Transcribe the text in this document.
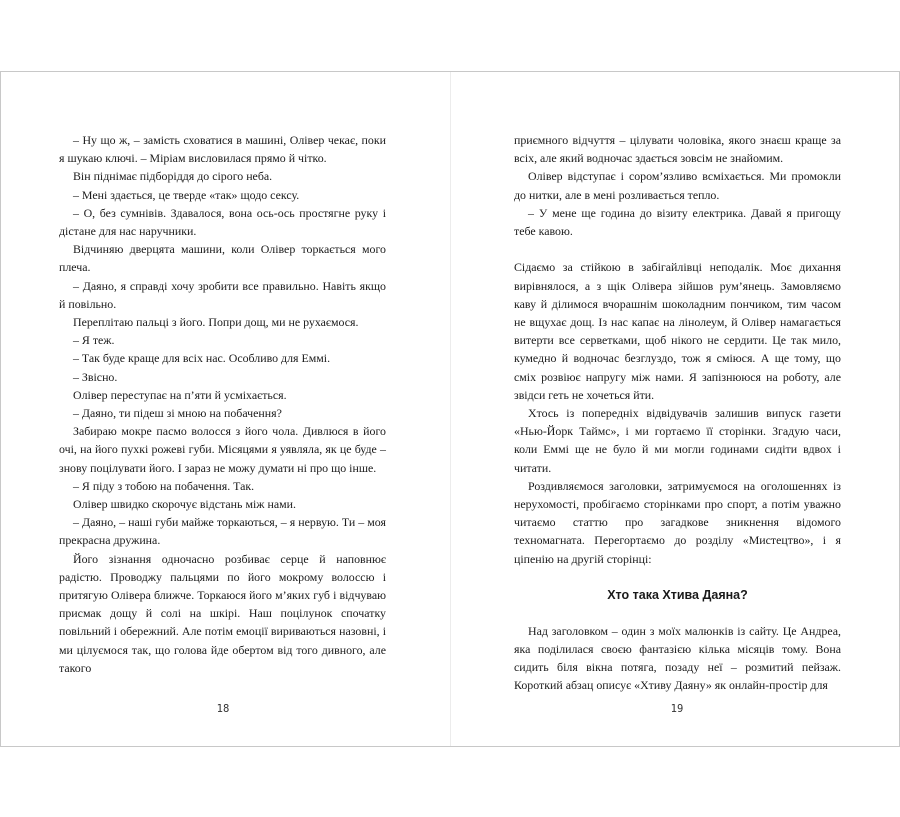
– Ну що ж, – замість сховатися в машині, Олівер чекає, поки я шукаю ключі. – Міріам висловилася прямо й чітко.

Він піднімає підборіддя до сірого неба.

– Мені здається, це тверде «так» щодо сексу.

– О, без сумнівів. Здавалося, вона ось-ось простягне руку і дістане для нас наручники.

Відчиняю дверцята машини, коли Олівер торкається мого плеча.

– Даяно, я справді хочу зробити все правильно. Навіть якщо й повільно.

Переплітаю пальці з його. Попри дощ, ми не рухаємося.

– Я теж.

– Так буде краще для всіх нас. Особливо для Еммі.

– Звісно.

Олівер переступає на п’яти й усміхається.

– Даяно, ти підеш зі мною на побачення?

Забираю мокре пасмо волосся з його чола. Дивлюся в його очі, на його пухкі рожеві губи. Місяцями я уявляла, як це буде – знову поцілувати його. І зараз не можу думати ні про що інше.

– Я піду з тобою на побачення. Так.

Олівер швидко скорочує відстань між нами.

– Даяно, – наші губи майже торкаються, – я нервую. Ти – моя прекрасна дружина.

Його зізнання одночасно розбиває серце й наповнює радістю. Проводжу пальцями по його мокрому волоссю і притягую Олівера ближче. Торкаюся його м’яких губ і відчуваю присмак дощу й солі на шкірі. Наш поцілунок спочатку повільний і обережний. Але потім емоції вириваються назовні, і ми цілуємося так, що голова йде обертом від того дивного, але такого

18

приємного відчуття – цілувати чоловіка, якого знаєш краще за всіх, але який водночас здається зовсім не знайомим.

Олівер відступає і сором’язливо всміхається. Ми промокли до нитки, але в мені розливається тепло.

– У мене ще година до візиту електрика. Давай я пригощу тебе кавою.

Сідаємо за стійкою в забігайлівці неподалік. Моє дихання вирівнялося, а з щік Олівера зійшов рум’янець. Замовляємо каву й ділимося вчорашнім шоколадним пончиком, тим часом не вщухає дощ. Із нас капає на лінолеум, й Олівер намагається витерти все серветками, щоб нікого не сердити. Це так мило, кумедно й водночас безглуздо, тож я сміюся. А ще тому, що сміх розвіює напругу між нами. Я запізнююся на роботу, але звідси геть не хочеться йти.

Хтось із попередніх відвідувачів залишив випуск газети «Нью-Йорк Таймс», і ми гортаємо її сторінки. Згадую часи, коли Еммі ще не було й ми могли годинами сидіти вдвох і читати.

Роздивляємося заголовки, затримуємося на оголошеннях із нерухомості, пробігаємо сторінками про спорт, а потім уважно читаємо статтю про загадкове зникнення відомого техномагната. Перегортаємо до розділу «Мистецтво», і я ціпенію на другій сторінці:

Хто така Хтива Даяна?

Над заголовком – один з моїх малюнків із сайту. Це Андреа, яка поділилася своєю фантазією кілька місяців тому. Вона сидить біля вікна потяга, позаду неї – розмитий пейзаж. Короткий абзац описує «Хтиву Даяну» як онлайн-простір для

19
